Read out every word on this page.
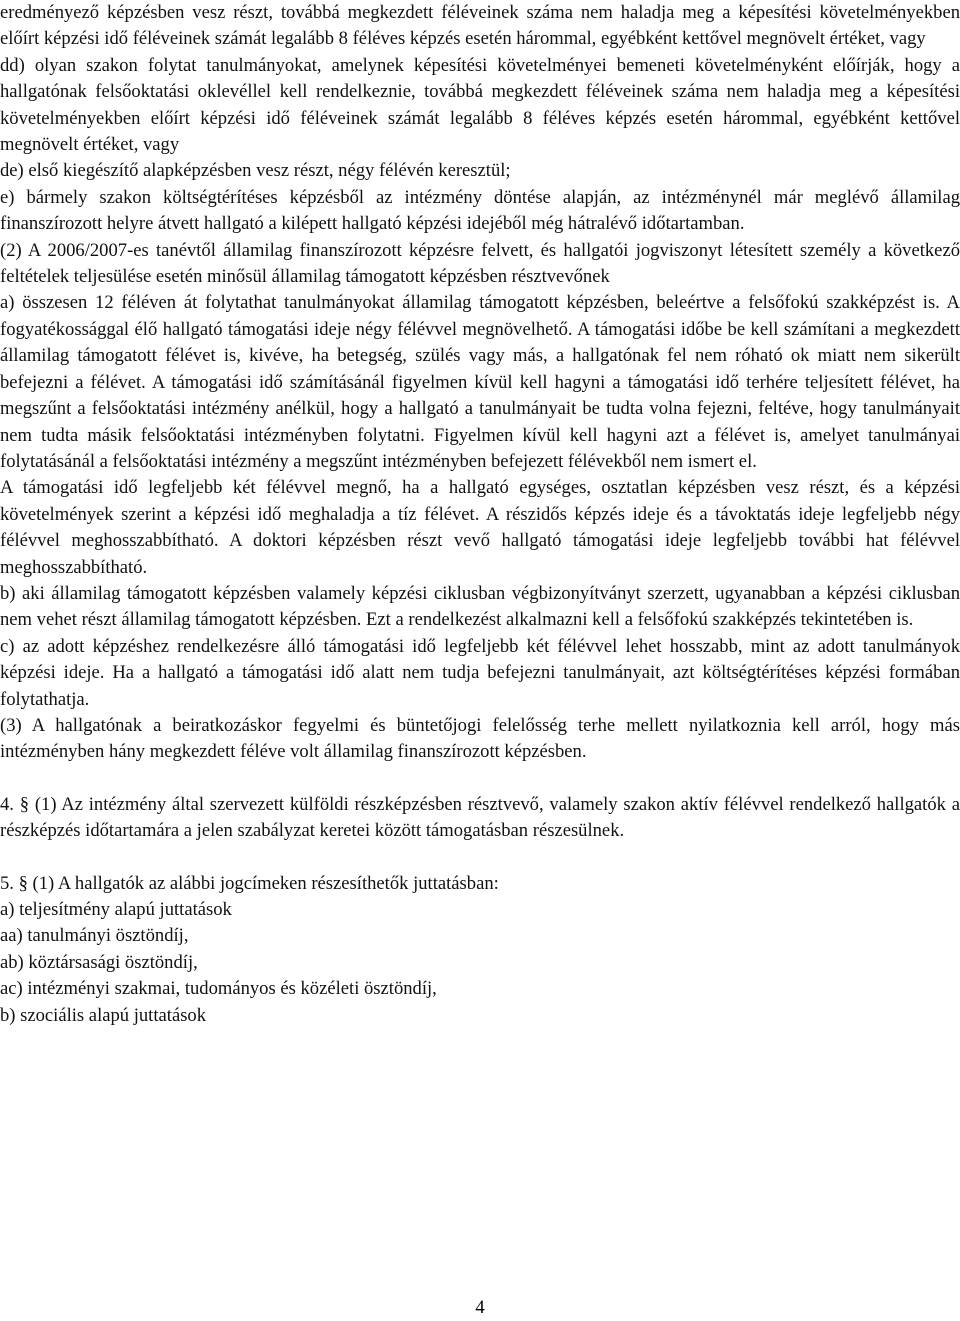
eredményező képzésben vesz részt, továbbá megkezdett féléveinek száma nem haladja meg a képesítési követelményekben előírt képzési idő féléveinek számát legalább 8 féléves képzés esetén hárommal, egyébként kettővel megnövelt értéket, vagy

dd) olyan szakon folytat tanulmányokat, amelynek képesítési követelményei bemeneti követelményként előírják, hogy a hallgatónak felsőoktatási oklevéllel kell rendelkeznie, továbbá megkezdett féléveinek száma nem haladja meg a képesítési követelményekben előírt képzési idő féléveinek számát legalább 8 féléves képzés esetén hárommal, egyébként kettővel megnövelt értéket, vagy

de) első kiegészítő alapképzésben vesz részt, négy félévén keresztül;

e) bármely szakon költségtérítéses képzésből az intézmény döntése alapján, az intézménynél már meglévő államilag finanszírozott helyre átvett hallgató a kilépett hallgató képzési idejéből még hátralévő időtartamban.

(2) A 2006/2007-es tanévtől államilag finanszírozott képzésre felvett, és hallgatói jogviszonyt létesített személy a következő feltételek teljesülése esetén minősül államilag támogatott képzésben résztvevőnek

a) összesen 12 féléven át folytathat tanulmányokat államilag támogatott képzésben, beleértve a felsőfokú szakképzést is. A fogyatékossággal élő hallgató támogatási ideje négy félévvel megnövelhető. A támogatási időbe be kell számítani a megkezdett államilag támogatott félévet is, kivéve, ha betegség, szülés vagy más, a hallgatónak fel nem róható ok miatt nem sikerült befejezni a félévet. A támogatási idő számításánál figyelmen kívül kell hagyni a támogatási idő terhére teljesített félévet, ha megszűnt a felsőoktatási intézmény anélkül, hogy a hallgató a tanulmányait be tudta volna fejezni, feltéve, hogy tanulmányait nem tudta másik felsőoktatási intézményben folytatni. Figyelmen kívül kell hagyni azt a félévet is, amelyet tanulmányai folytatásánál a felsőoktatási intézmény a megszűnt intézményben befejezett félévekből nem ismert el.

A támogatási idő legfeljebb két félévvel megnő, ha a hallgató egységes, osztatlan képzésben vesz részt, és a képzési követelmények szerint a képzési idő meghaladja a tíz félévet. A részidős képzés ideje és a távoktatás ideje legfeljebb négy félévvel meghosszabbítható. A doktori képzésben részt vevő hallgató támogatási ideje legfeljebb további hat félévvel meghosszabbítható.

b) aki államilag támogatott képzésben valamely képzési ciklusban végbizonyítványt szerzett, ugyanabban a képzési ciklusban nem vehet részt államilag támogatott képzésben. Ezt a rendelkezést alkalmazni kell a felsőfokú szakképzés tekintetében is.

c) az adott képzéshez rendelkezésre álló támogatási idő legfeljebb két félévvel lehet hosszabb, mint az adott tanulmányok képzési ideje. Ha a hallgató a támogatási idő alatt nem tudja befejezni tanulmányait, azt költségtérítéses képzési formában folytathatja.

(3) A hallgatónak a beiratkozáskor fegyelmi és büntetőjogi felelősség terhe mellett nyilatkoznia kell arról, hogy más intézményben hány megkezdett féléve volt államilag finanszírozott képzésben.

4. § (1) Az intézmény által szervezett külföldi részképzésben résztvevő, valamely szakon aktív félévvel rendelkező hallgatók a részképzés időtartamára a jelen szabályzat keretei között támogatásban részesülnek.

5. § (1) A hallgatók az alábbi jogcímeken részesíthetők juttatásban:

a) teljesítmény alapú juttatások

aa) tanulmányi ösztöndíj,

ab) köztársasági ösztöndíj,

ac) intézményi szakmai, tudományos és közéleti ösztöndíj,

b) szociális alapú juttatások

4
